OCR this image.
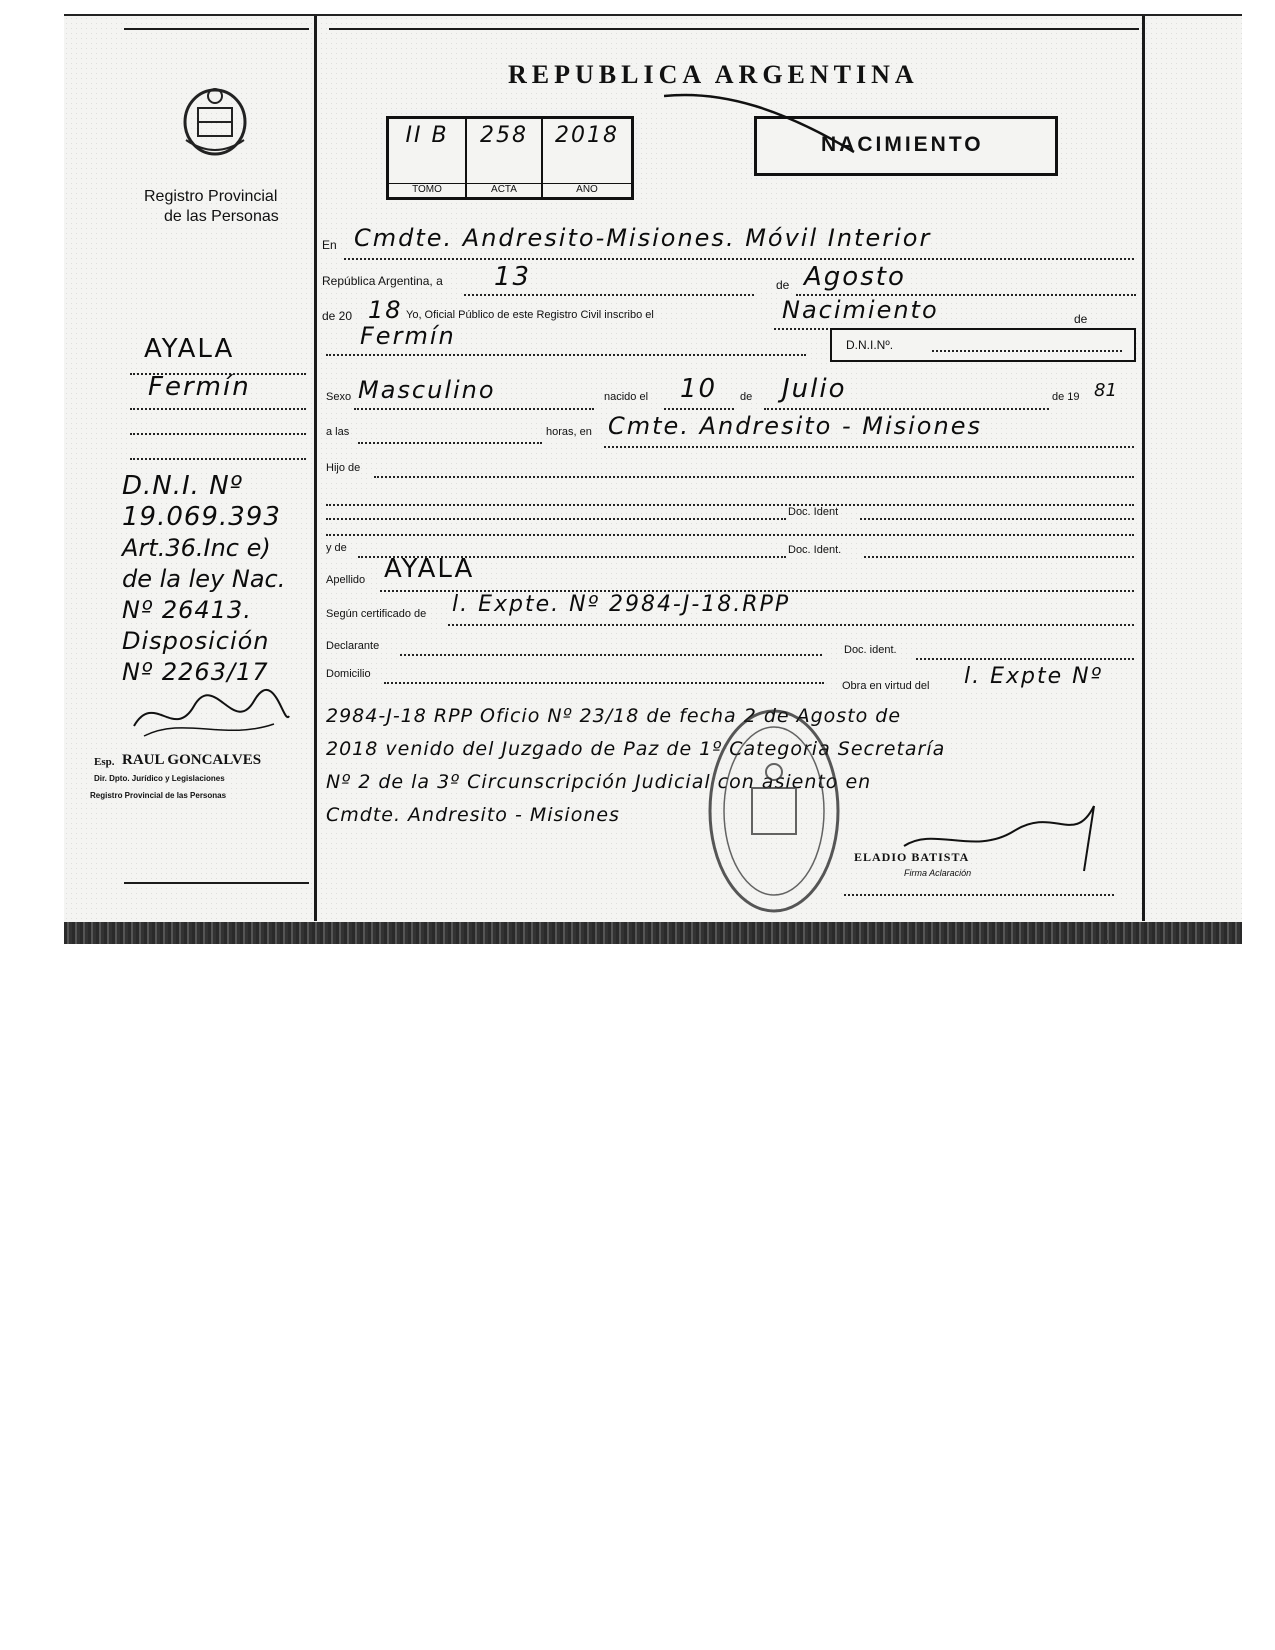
Registro Provincial
de las Personas
AYALA
Fermín
D.N.I. Nº
19.069.393
Art.36.Inc e)
de la ley Nac.
Nº 26413.
Disposición
Nº 2263/17
Esp. RAUL GONCALVES
Dir. Dpto. Jurídico y Legislaciones
Registro Provincial de las Personas
REPUBLICA ARGENTINA
II B
TOMO
258
ACTA
2018
AÑO
NACIMIENTO
En Cmdte. Andresito-Misiones. Móvil Interior
República Argentina, a 13	de Agosto
de 20 18 Yo, Oficial Público de este Registro Civil inscribo el	Nacimiento	de
Fermín	D.N.I.Nº.
Sexo Masculino	nacido el 10 de Julio	de 19 81
a las	horas, en Cmte. Andresito - Misiones
Hijo de
Doc. Ident
y de	Doc. Ident.
Apellido AYALA
Según certificado de l. Expte. Nº 2984-J-18.RPP
Declarante	Doc. ident.
Domicilio
Obra en virtud del l. Expte Nº
2984-J-18 RPP Oficio Nº 23/18 de fecha 2 de Agosto de
2018 venido del Juzgado de Paz de 1º Categoria Secretaría
Nº 2 de la 3º Circunscripción Judicial con asiento en
Cmdte. Andresito - Misiones
ELADIO BATISTA
Firma Aclaración
